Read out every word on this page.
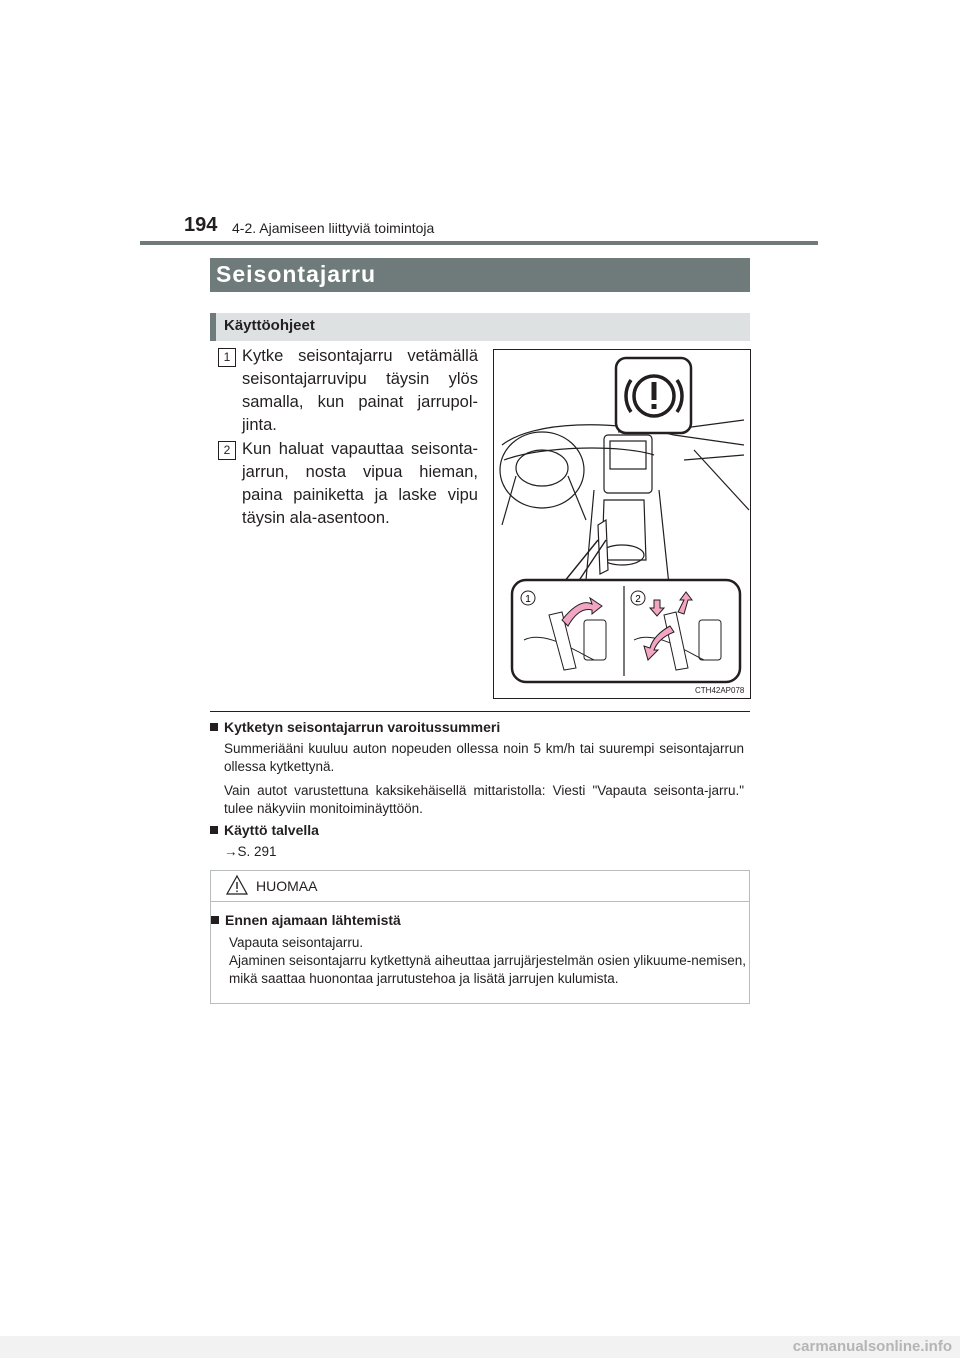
194 4-2. Ajamiseen liittyviä toimintoja
Seisontajarru
Käyttöohjeet
1 Kytke seisontajarru vetämällä seisontajarruvipu täysin ylös samalla, kun painat jarrupol-jinta.
2 Kun haluat vapauttaa seisonta-jarrun, nosta vipua hieman, paina painiketta ja laske vipu täysin ala-asentoon.
1	2
CTH42AP078
Kytketyn seisontajarrun varoitussummeri
Summeriääni kuuluu auton nopeuden ollessa noin 5 km/h tai suurempi seisontajarrun ollessa kytkettynä.
Vain autot varustettuna kaksikehäisellä mittaristolla: Viesti "Vapauta seisonta-jarru." tulee näkyviin monitoiminäyttöön.
Käyttö talvella
→S. 291
HUOMAA
Ennen ajamaan lähtemistä
Vapauta seisontajarru.
Ajaminen seisontajarru kytkettynä aiheuttaa jarrujärjestelmän osien ylikuume-nemisen, mikä saattaa huonontaa jarrutustehoa ja lisätä jarrujen kulumista.
carmanualsonline.info
